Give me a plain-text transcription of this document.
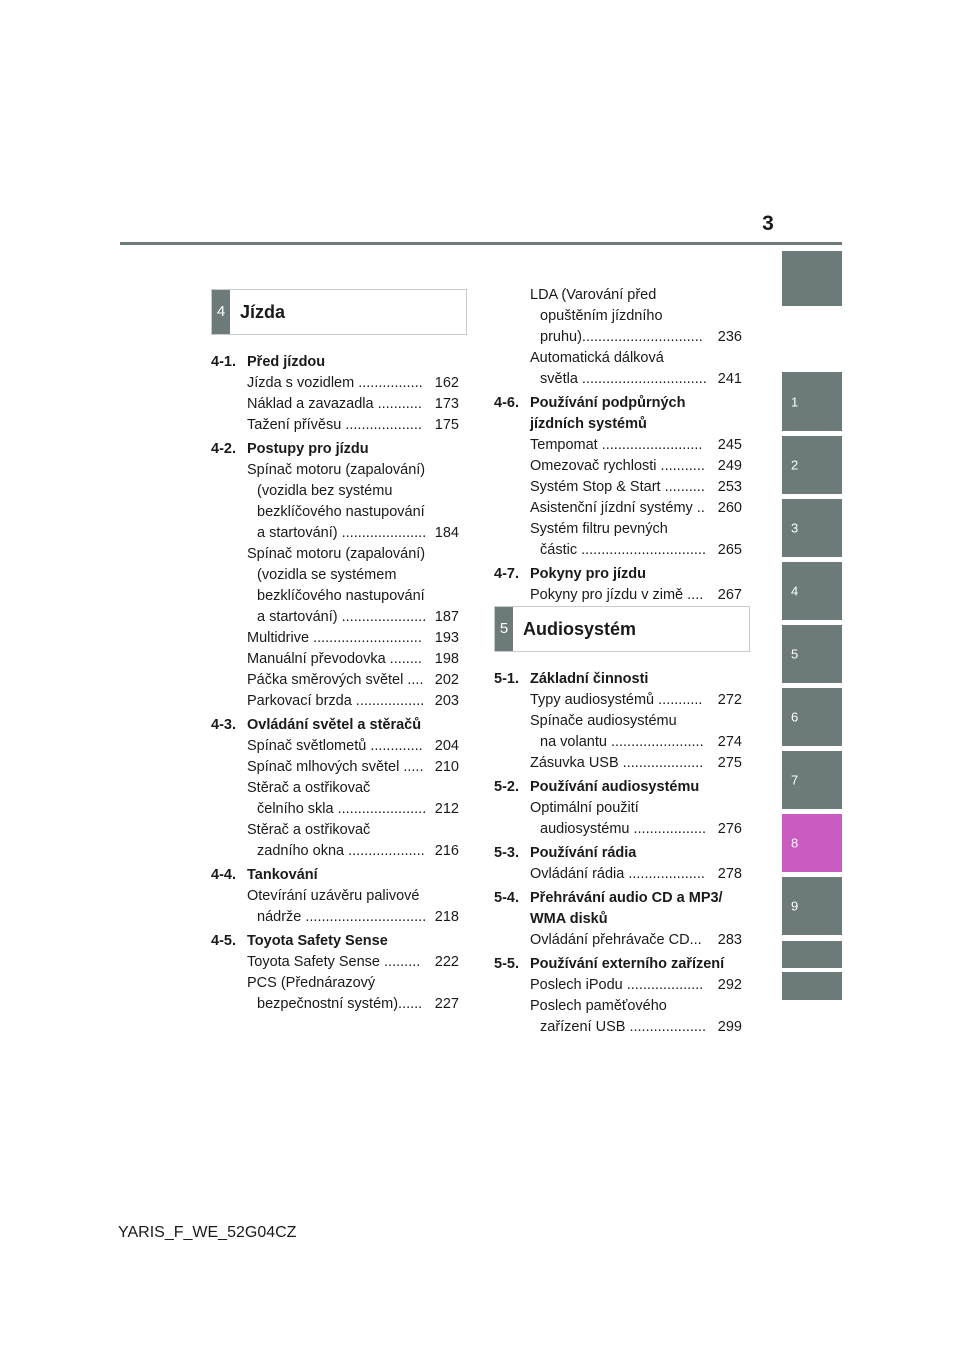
3
1
2
3
4
5
6
7
8
9
4 Jízda
4-1. Před jízdou
Jízda s vozidlem ................ 162
Náklad a zavazadla ........... 173
Tažení přívěsu ................... 175
4-2. Postupy pro jízdu
Spínač motoru (zapalování)
(vozidla bez systému
bezklíčového nastupování
a startování) ..................... 184
Spínač motoru (zapalování)
(vozidla se systémem
bezklíčového nastupování
a startování) ..................... 187
Multidrive ........................... 193
Manuální převodovka ........ 198
Páčka směrových světel .... 202
Parkovací brzda ................. 203
4-3. Ovládání světel a stěračů
Spínač světlometů ............. 204
Spínač mlhových světel ..... 210
Stěrač a ostřikovač
čelního skla ...................... 212
Stěrač a ostřikovač
zadního okna ................... 216
4-4. Tankování
Otevírání uzávěru palivové
nádrže .............................. 218
4-5. Toyota Safety Sense
Toyota Safety Sense .........	222
PCS (Přednárazový
bezpečnostní systém)...... 227
LDA (Varování před
opuštěním jízdního
pruhu)..............................	236
Automatická dálková
světla ............................... 241
4-6. Používání podpůrných jízdních systémů
Tempomat .........................	245
Omezovač rychlosti ........... 249
Systém Stop & Start .......... 253
Asistenční jízdní systémy .. 260
Systém filtru pevných
částic ............................... 265
4-7. Pokyny pro jízdu
Pokyny pro jízdu v zimě ....	267
5 Audiosystém
5-1. Základní činnosti
Typy audiosystémů ...........	272
Spínače audiosystému
na volantu ....................... 274
Zásuvka USB ....................	275
5-2. Používání audiosystému
Optimální použití
audiosystému .................. 276
5-3. Používání rádia
Ovládání rádia ................... 278
5-4. Přehrávání audio CD a MP3/ WMA disků
Ovládání přehrávače CD...	283
5-5. Používání externího zařízení
Poslech iPodu ...................	292
Poslech paměťového
zařízení USB ................... 299
YARIS_F_WE_52G04CZ
